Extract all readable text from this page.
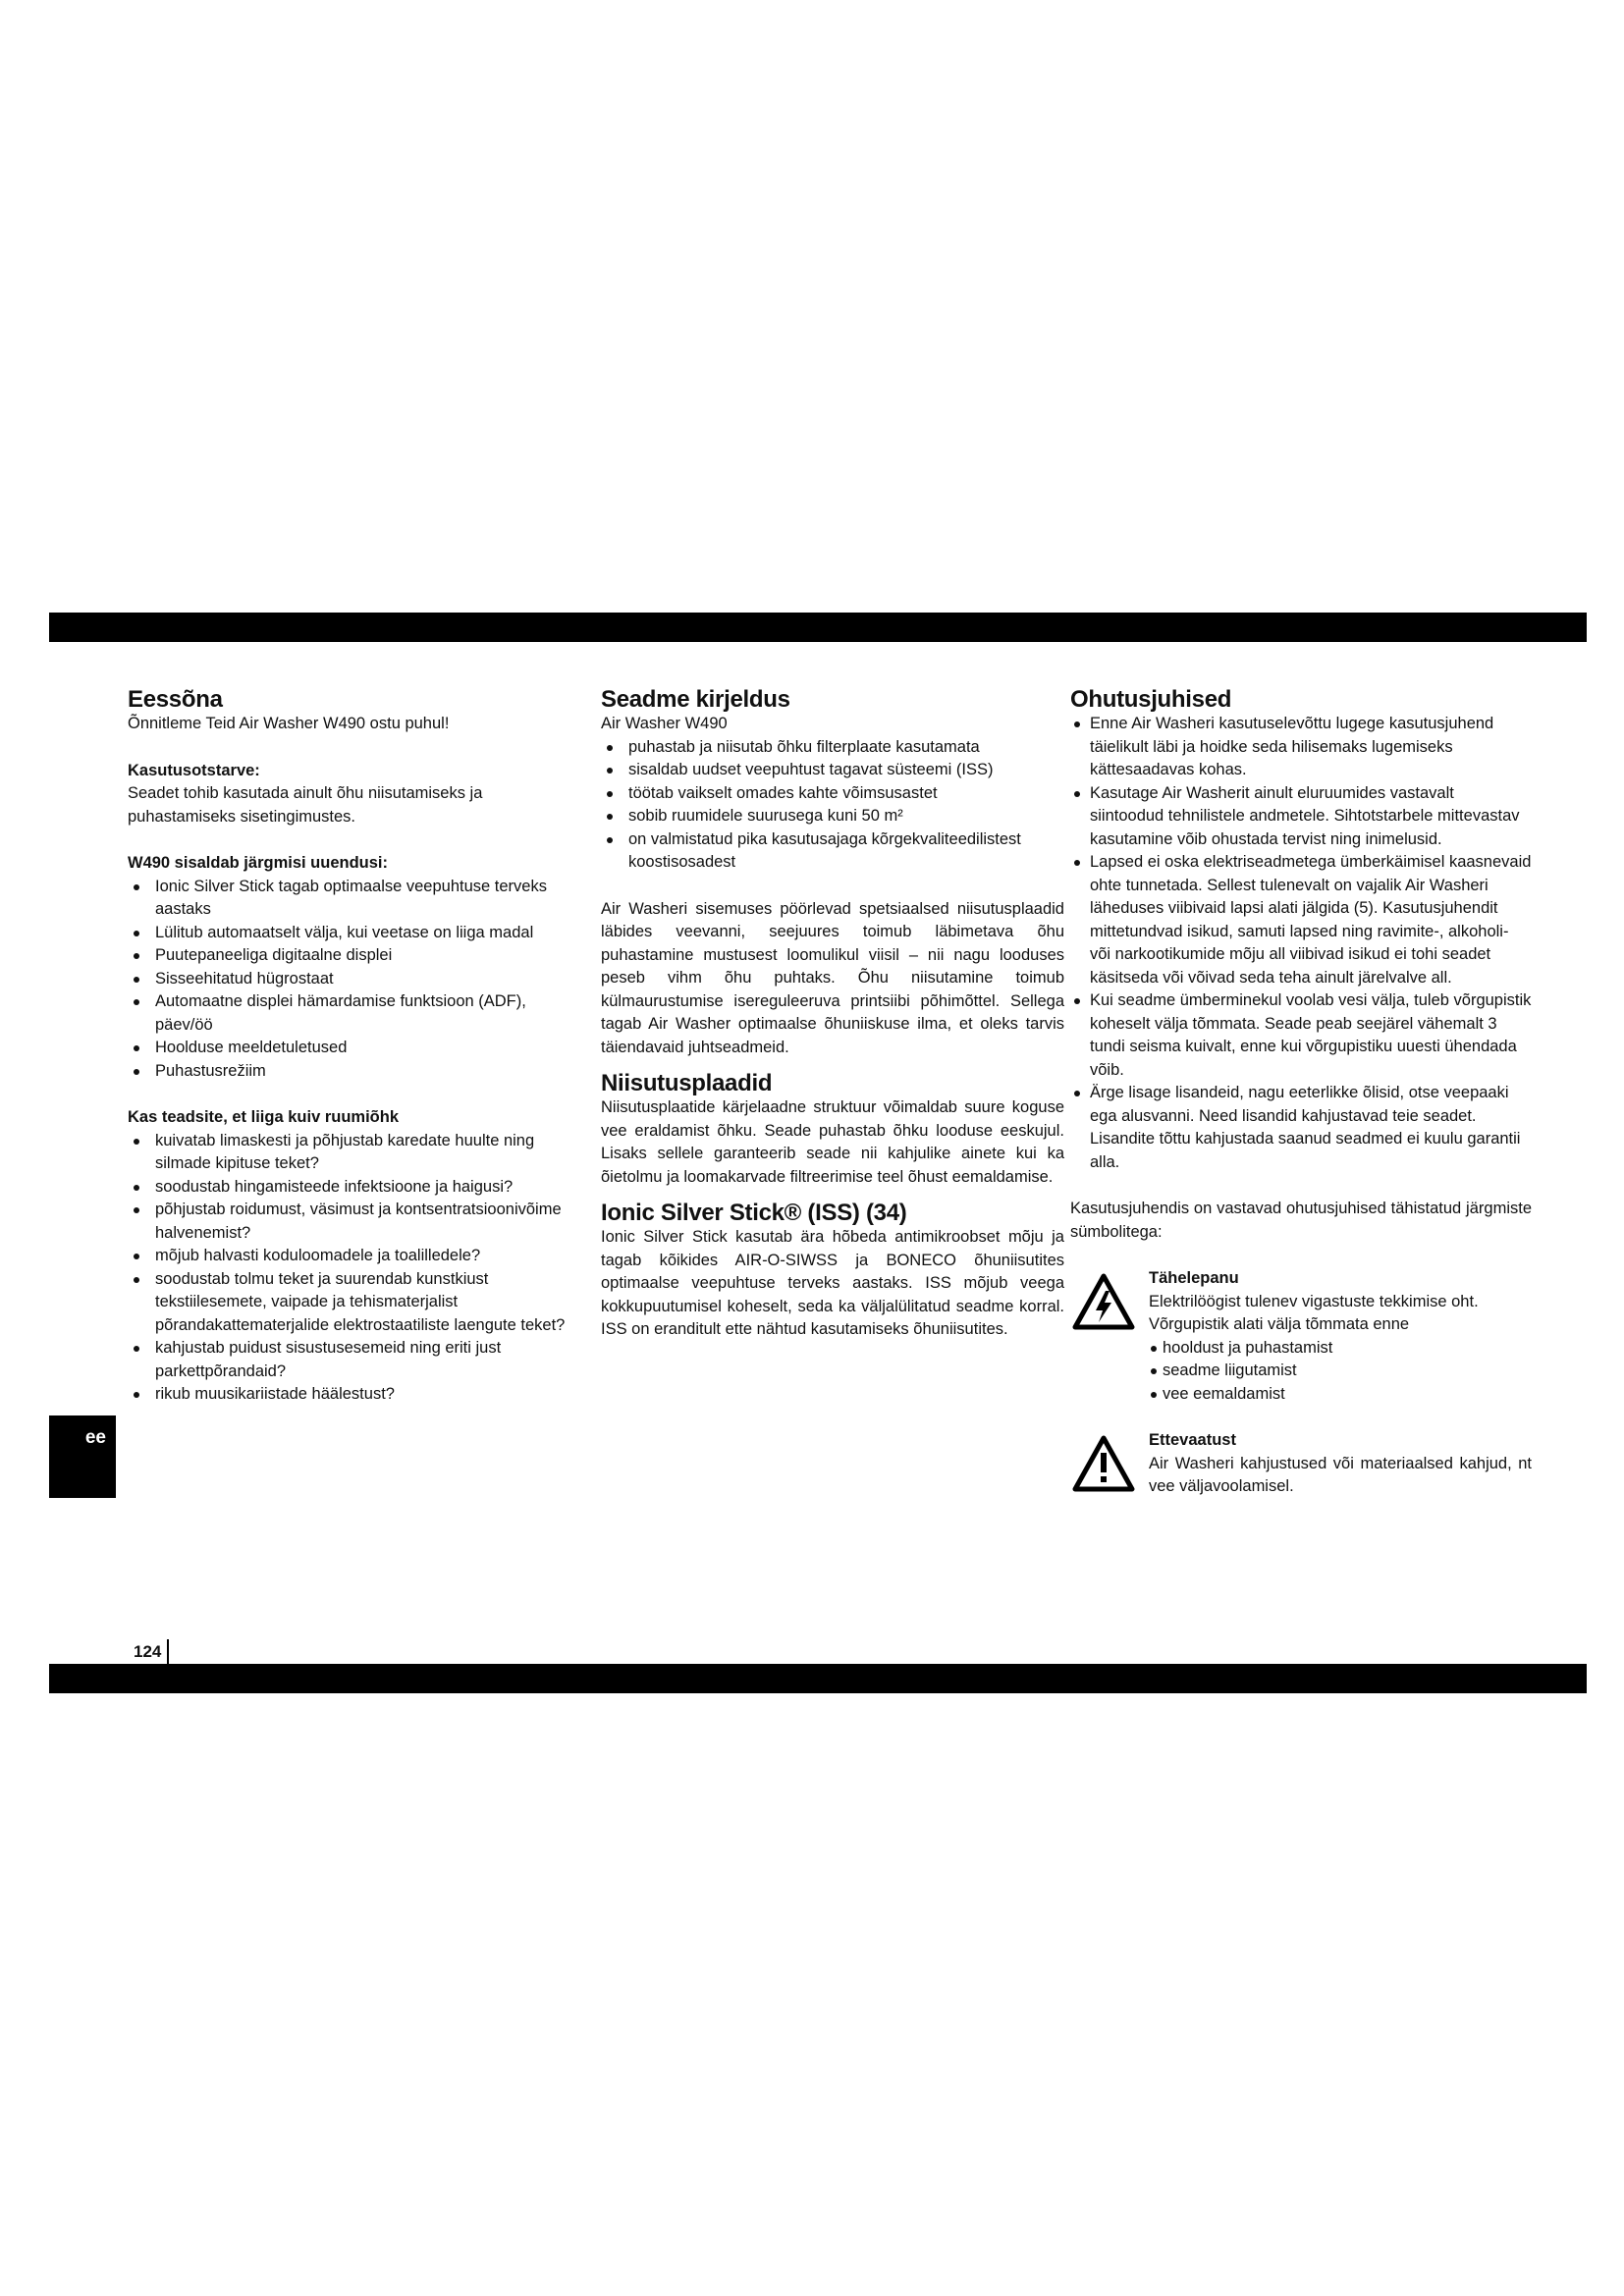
Eessõna

Õnnitleme Teid Air Washer W490 ostu puhul!

Kasutusotstarve:

Seadet tohib kasutada ainult õhu niisutamiseks ja puhastamiseks sisetingimustes.

W490 sisaldab järgmisi uuendusi:
Ionic Silver Stick tagab optimaalse veepuhtuse terveks aastaks
Lülitub automaatselt välja, kui veetase on liiga madal
Puutepaneeliga digitaalne displei
Sisseehitatud hügrostaat
Automaatne displei hämardamise funktsioon (ADF), päev/öö
Hoolduse meeldetuletused
Puhastusrežiim
Kas teadsite, et liiga kuiv ruumiõhk
kuivatab limaskesti ja põhjustab karedate huulte ning silmade kipituse teket?
soodustab hingamisteede infektsioone ja haigusi?
põhjustab roidumust, väsimust ja kontsentratsioonivõime halvenemist?
mõjub halvasti koduloomadele ja toalilledele?
soodustab tolmu teket ja suurendab kunstkiust tekstiilesemete, vaipade ja tehismaterjalist põrandakattematerjalide elektrostaatiliste laengute teket?
kahjustab puidust sisustusesemeid ning eriti just parkettpõrandaid?
rikub muusikariistade häälestust?
Seadme kirjeldus

Air Washer W490

puhastab ja niisutab õhku filterplaate kasutamata
sisaldab uudset veepuhtust tagavat süsteemi (ISS)
töötab vaikselt omades kahte võimsusastet
sobib ruumidele suurusega kuni 50 m²
on valmistatud pika kasutusajaga kõrgekvaliteedilistest koostisosadest

Air Washeri sisemuses pöörlevad spetsiaalsed niisutusplaadid läbides veevanni, seejuures toimub läbimetava õhu puhastamine mustusest loomulikul viisil – nii nagu looduses peseb vihm õhu puhtaks. Õhu niisutamine toimub külmaurustumise isereguleeruva printsiibi põhimõttel. Sellega tagab Air Washer optimaalse õhuniiskuse ilma, et oleks tarvis täiendavaid juhtseadmeid.

Niisutusplaadid

Niisutusplaatide kärjelaadne struktuur võimaldab suure koguse vee eraldamist õhku. Seade puhastab õhku looduse eeskujul. Lisaks sellele garanteerib seade nii kahjulike ainete kui ka õietolmu ja loomakarvade filtreerimise teel õhust eemaldamise.

Ionic Silver Stick® (ISS) (34)

Ionic Silver Stick kasutab ära hõbeda antimikroobset mõju ja tagab kõikides AIR-O-SIWSS ja BONECO õhuniisutites optimaalse veepuhtuse terveks aastaks. ISS mõjub veega kokkupuutumisel koheselt, seda ka väljalülitatud seadme korral. ISS on eranditult ette nähtud kasutamiseks õhuniisutites.

Ohutusjuhised
Enne Air Washeri kasutuselevõttu lugege kasutusjuhend täielikult läbi ja hoidke seda hilisemaks lugemiseks kättesaadavas kohas.
Kasutage Air Washerit ainult eluruumides vastavalt siintoodud tehnilistele andmetele. Sihtotstarbele mittevastav kasutamine võib ohustada tervist ning inimelusid.
Lapsed ei oska elektriseadmetega ümberkäimisel kaasnevaid ohte tunnetada. Sellest tulenevalt on vajalik Air Washeri läheduses viibivaid lapsi alati jälgida (5). Kasutusjuhendit mittetundvad isikud, samuti lapsed ning ravimite-, alkoholi- või narkootikumide mõju all viibivad isikud ei tohi seadet käsitseda või võivad seda teha ainult järelvalve all.
Kui seadme ümberminekul voolab vesi välja, tuleb võrgupistik koheselt välja tõmmata. Seade peab seejärel vähemalt 3 tundi seisma kuivalt, enne kui võrgupistiku uuesti ühendada võib.
Ärge lisage lisandeid, nagu eeterlikke õlisid, otse veepaaki ega alusvanni. Need lisandid kahjustavad teie seadet. Lisandite tõttu kahjustada saanud seadmed ei kuulu garantii alla.

Kasutusjuhendis on vastavad ohutusjuhised tähistatud järgmiste sümbolitega:

Tähelepanu
Elektrilöögist tulenev vigastuste tekkimise oht. Võrgupistik alati välja tõmmata enne
hooldust ja puhastamist
seadme liigutamist
vee eemaldamist
Ettevaatust
Air Washeri kahjustused või materiaalsed kahjud, nt vee väljavoolamisel.
ee
124
